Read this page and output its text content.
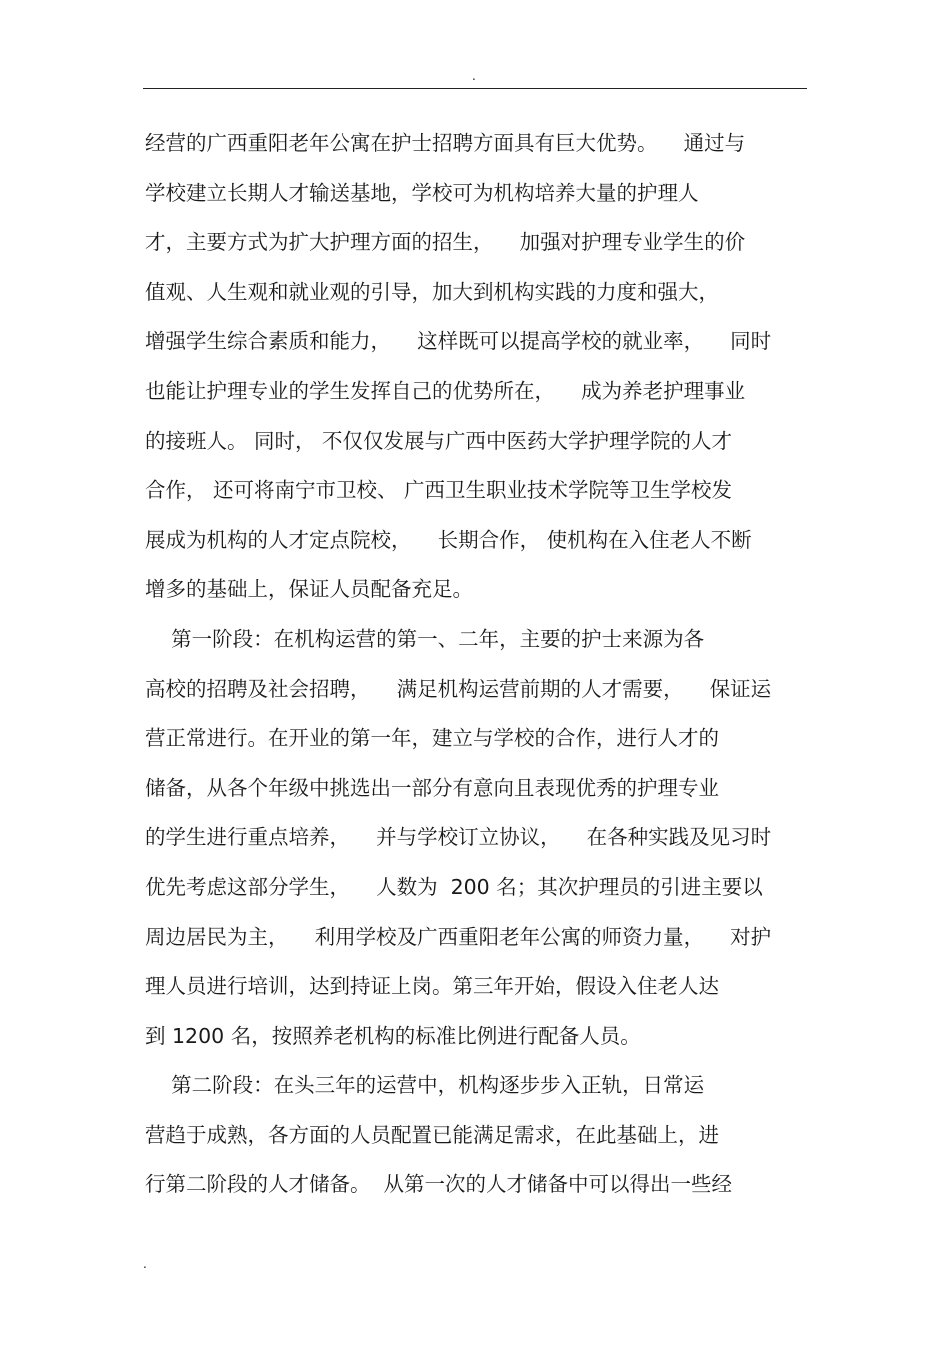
.
经营的广西重阳老年公寓在护士招聘方面具有巨大优势。    通过与
学校建立长期人才输送基地，学校可为机构培养大量的护理人
才，主要方式为扩大护理方面的招生，    加强对护理专业学生的价
值观、人生观和就业观的引导，加大到机构实践的力度和强大，
增强学生综合素质和能力，    这样既可以提高学校的就业率，    同时
也能让护理专业的学生发挥自己的优势所在，    成为养老护理事业
的接班人。 同时， 不仅仅发展与广西中医药大学护理学院的人才
合作， 还可将南宁市卫校、 广西卫生职业技术学院等卫生学校发
展成为机构的人才定点院校，    长期合作， 使机构在入住老人不断
增多的基础上，保证人员配备充足。
第一阶段：在机构运营的第一、二年，主要的护士来源为各
高校的招聘及社会招聘，    满足机构运营前期的人才需要，    保证运
营正常进行。在开业的第一年，建立与学校的合作，进行人才的
储备，从各个年级中挑选出一部分有意向且表现优秀的护理专业
的学生进行重点培养，    并与学校订立协议，    在各种实践及见习时
优先考虑这部分学生，    人数为  200 名；其次护理员的引进主要以
周边居民为主，    利用学校及广西重阳老年公寓的师资力量，    对护
理人员进行培训，达到持证上岗。第三年开始，假设入住老人达
到 1200 名，按照养老机构的标准比例进行配备人员。
第二阶段：在头三年的运营中，机构逐步步入正轨，日常运
营趋于成熟，各方面的人员配置已能满足需求，在此基础上，进
行第二阶段的人才储备。  从第一次的人才储备中可以得出一些经
.
